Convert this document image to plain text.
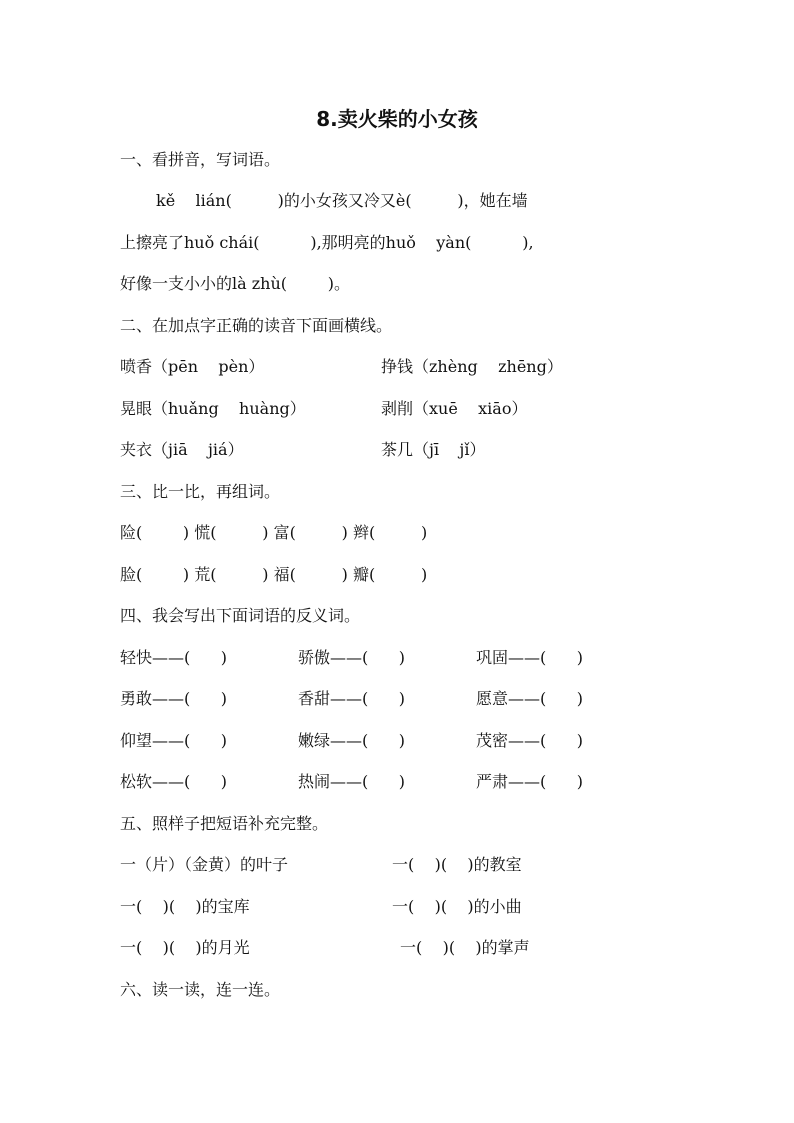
8.卖火柴的小女孩
一、看拼音，写词语。
kě    lián(         )的小女孩又冷又è(         )，她在墙
上擦亮了huǒ chái(          ),那明亮的huǒ    yàn(          ),
好像一支小小的là zhù(        )。
二、在加点字正确的读音下面画横线。
喷香（pēn    pèn）	挣钱（zhèng    zhēng）
晃眼（huǎng    huàng）	剥削（xuē    xiāo）
夹衣（jiā    jiá）	茶几（jī    jǐ）
三、比一比，再组词。
险(        ) 慌(         ) 富(         ) 辫(         )
脸(        ) 荒(         ) 福(         ) 瓣(         )
四、我会写出下面词语的反义词。
轻快——(      )	骄傲——(      )	巩固——(      )
勇敢——(      )	香甜——(      )	愿意——(      )
仰望——(      )	嫩绿——(      )	茂密——(      )
松软——(      )	热闹——(      )	严肃——(      )
五、照样子把短语补充完整。
一（片）（金黄）的叶子	一(    )(    )的教室
一(    )(    )的宝库	一(    )(    )的小曲
一(    )(    )的月光	一(    )(    )的掌声
六、读一读，连一连。
